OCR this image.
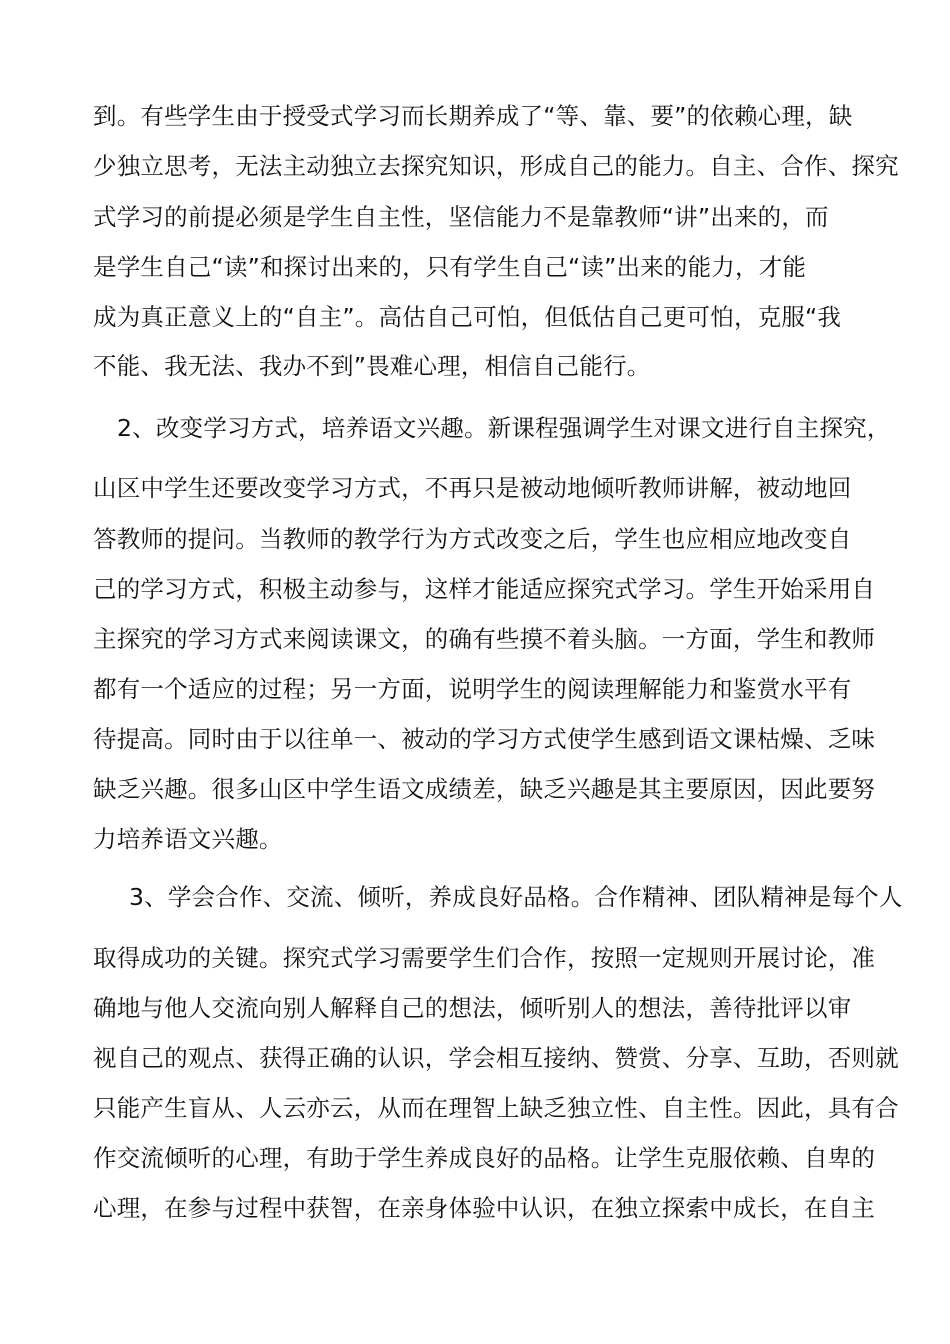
到。有些学生由于授受式学习而长期养成了“等、靠、要”的依赖心理，缺
少独立思考，无法主动独立去探究知识，形成自己的能力。自主、合作、探究
式学习的前提必须是学生自主性，坚信能力不是靠教师“讲”出来的，而
是学生自己“读”和探讨出来的，只有学生自己“读”出来的能力，才能
成为真正意义上的“自主”。高估自己可怕，但低估自己更可怕，克服“我
不能、我无法、我办不到”畏难心理，相信自己能行。
2、改变学习方式，培养语文兴趣。新课程强调学生对课文进行自主探究，
山区中学生还要改变学习方式，不再只是被动地倾听教师讲解，被动地回
答教师的提问。当教师的教学行为方式改变之后，学生也应相应地改变自
己的学习方式，积极主动参与，这样才能适应探究式学习。学生开始采用自
主探究的学习方式来阅读课文，的确有些摸不着头脑。一方面，学生和教师
都有一个适应的过程；另一方面，说明学生的阅读理解能力和鉴赏水平有
待提高。同时由于以往单一、被动的学习方式使学生感到语文课枯燥、乏味
缺乏兴趣。很多山区中学生语文成绩差，缺乏兴趣是其主要原因，因此要努
力培养语文兴趣。
3、学会合作、交流、倾听，养成良好品格。合作精神、团队精神是每个人
取得成功的关键。探究式学习需要学生们合作，按照一定规则开展讨论，准
确地与他人交流向别人解释自己的想法，倾听别人的想法，善待批评以审
视自己的观点、获得正确的认识，学会相互接纳、赞赏、分享、互助，否则就
只能产生盲从、人云亦云，从而在理智上缺乏独立性、自主性。因此，具有合
作交流倾听的心理，有助于学生养成良好的品格。让学生克服依赖、自卑的
心理，在参与过程中获智，在亲身体验中认识，在独立探索中成长，在自主
